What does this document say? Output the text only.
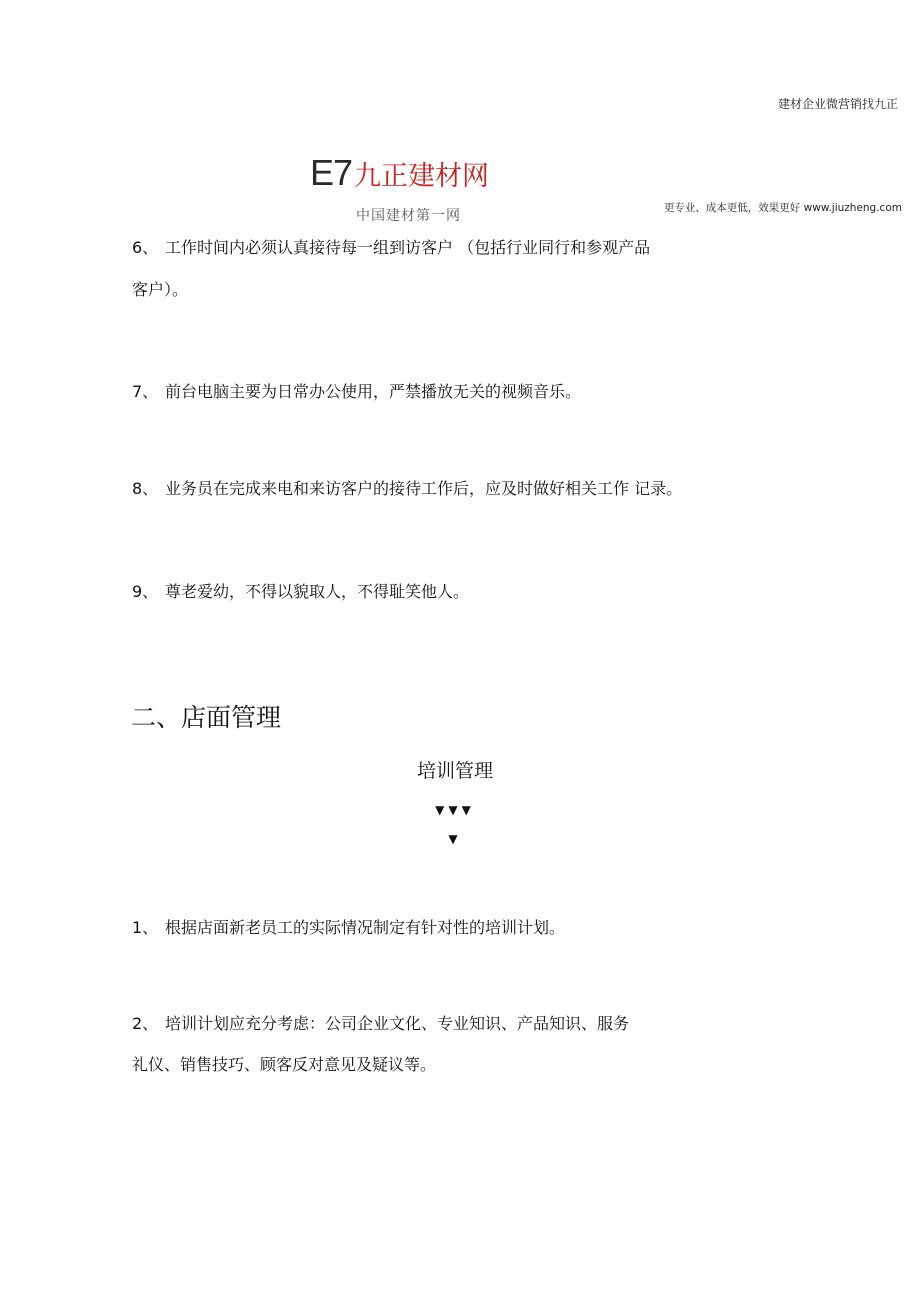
建材企业微营销找九正
E7 九正建材网
中国建材第一网	更专业、成本更低，效果更好 www.jiuzheng.com
6、 工作时间内必须认真接待每一组到访客户 （包括行业同行和参观产品
客户）。
7、 前台电脑主要为日常办公使用，严禁播放无关的视频音乐。
8、 业务员在完成来电和来访客户的接待工作后，应及时做好相关工作 记录。
9、 尊老爱幼，不得以貌取人，不得耻笑他人。
二、店面管理
培训管理
▼▼▼
▼
1、 根据店面新老员工的实际情况制定有针对性的培训计划。
2、 培训计划应充分考虑：公司企业文化、专业知识、产品知识、服务
礼仪、销售技巧、顾客反对意见及疑议等。
